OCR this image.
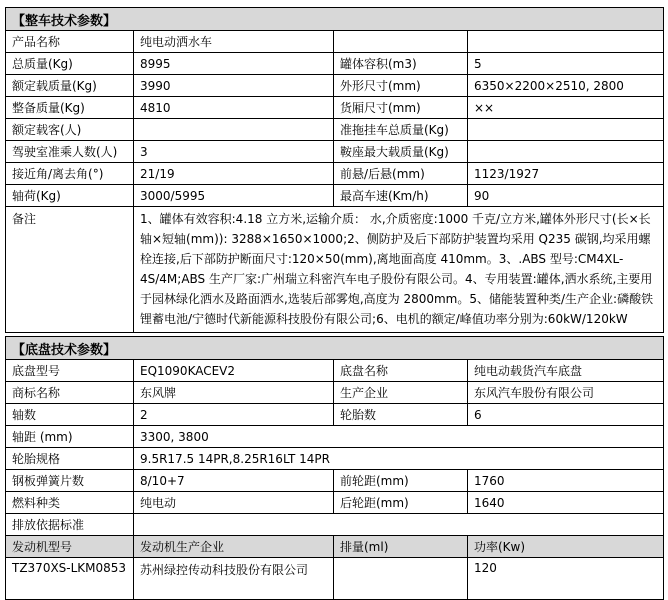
【整车技术参数】			
产品名称	纯电动洒水车		
总质量(Kg)	8995	罐体容积(m3)	5
额定载质量(Kg)	3990	外形尺寸(mm)	6350×2200×2510, 2800
整备质量(Kg)	4810	货厢尺寸(mm)	××
额定载客(人)		准拖挂车总质量(Kg)	
驾驶室准乘人数(人)	3	鞍座最大载质量(Kg)	
接近角/离去角(°)	21/19	前悬/后悬(mm)	1123/1927
轴荷(Kg)	3000/5995	最高车速(Km/h)	90
备注	1、罐体有效容积:4.18 立方米,运输介质： 水,介质密度:1000 千克/立方米,罐体外形尺寸(长×长轴×短轴(mm)): 3288×1650×1000;2、侧防护及后下部防护装置均采用 Q235 碳钢,均采用螺栓连接,后下部防护断面尺寸:120×50(mm),离地面高度 410mm。3、.ABS 型号:CM4XL-4S/4M;ABS 生产厂家:广州瑞立科密汽车电子股份有限公司。4、专用装置:罐体,洒水系统,主要用于园林绿化洒水及路面洒水,选装后部雾炮,高度为 2800mm。5、储能装置种类/生产企业:磷酸铁锂蓄电池/宁德时代新能源科技股份有限公司;6、电机的额定/峰值功率分别为:60kW/120kW		
【底盘技术参数】			
底盘型号	EQ1090KACEV2	底盘名称	纯电动载货汽车底盘
商标名称	东风牌	生产企业	东风汽车股份有限公司
轴数	2	轮胎数	6
轴距 (mm)	3300, 3800		
轮胎规格	9.5R17.5 14PR,8.25R16LT 14PR		
钢板弹簧片数	8/10+7	前轮距(mm)	1760
燃料种类	纯电动	后轮距(mm)	1640
排放依据标准			
发动机型号	发动机生产企业	排量(ml)	功率(Kw)
TZ370XS-LKM0853	苏州绿控传动科技股份有限公司		120
